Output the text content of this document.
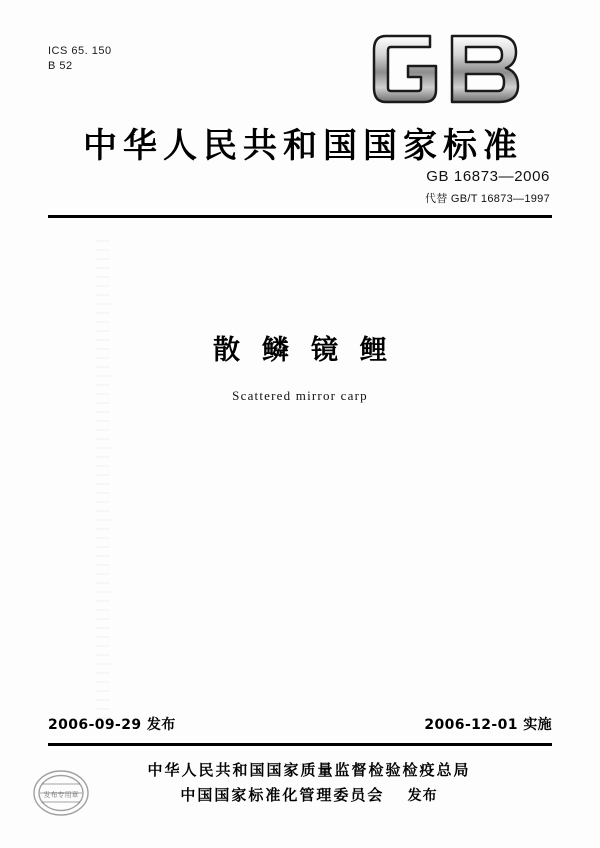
ICS 65. 150
B 52
中华人民共和国国家标准
GB 16873—2006
代替 GB/T 16873—1997
散鳞镜鲤
Scattered mirror carp
2006-09-29 发布	2006-12-01 实施
发布专用章
中华人民共和国国家质量监督检验检疫总局
中国国家标准化管理委员会 发布
